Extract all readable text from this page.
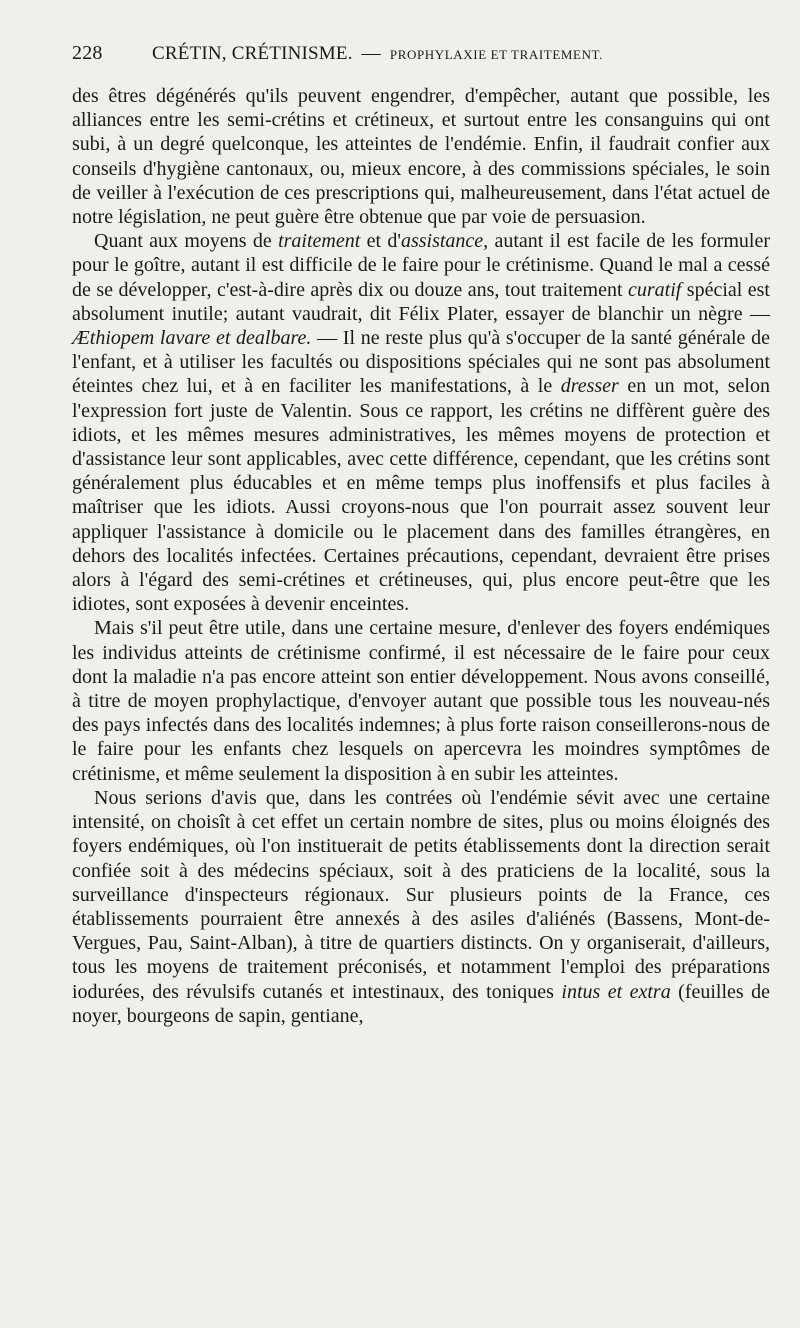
228	CRÉTIN, CRÉTINISME. — PROPHYLAXIE ET TRAITEMENT.

des êtres dégénérés qu'ils peuvent engendrer, d'empêcher, autant que possible, les alliances entre les semi-crétins et crétineux, et surtout entre les consanguins qui ont subi, à un degré quelconque, les atteintes de l'endémie. Enfin, il faudrait confier aux conseils d'hygiène cantonaux, ou, mieux encore, à des commissions spéciales, le soin de veiller à l'exécution de ces prescriptions qui, malheureusement, dans l'état actuel de notre législation, ne peut guère être obtenue que par voie de persuasion.

Quant aux moyens de traitement et d'assistance, autant il est facile de les formuler pour le goître, autant il est difficile de le faire pour le crétinisme. Quand le mal a cessé de se développer, c'est-à-dire après dix ou douze ans, tout traitement curatif spécial est absolument inutile; autant vaudrait, dit Félix Plater, essayer de blanchir un nègre — Æthiopem lavare et dealbare. — Il ne reste plus qu'à s'occuper de la santé générale de l'enfant, et à utiliser les facultés ou dispositions spéciales qui ne sont pas absolument éteintes chez lui, et à en faciliter les manifestations, à le dresser en un mot, selon l'expression fort juste de Valentin. Sous ce rapport, les crétins ne diffèrent guère des idiots, et les mêmes mesures administratives, les mêmes moyens de protection et d'assistance leur sont applicables, avec cette différence, cependant, que les crétins sont généralement plus éducables et en même temps plus inoffensifs et plus faciles à maîtriser que les idiots. Aussi croyons-nous que l'on pourrait assez souvent leur appliquer l'assistance à domicile ou le placement dans des familles étrangères, en dehors des localités infectées. Certaines précautions, cependant, devraient être prises alors à l'égard des semi-crétines et crétineuses, qui, plus encore peut-être que les idiotes, sont exposées à devenir enceintes.

Mais s'il peut être utile, dans une certaine mesure, d'enlever des foyers endémiques les individus atteints de crétinisme confirmé, il est nécessaire de le faire pour ceux dont la maladie n'a pas encore atteint son entier développement. Nous avons conseillé, à titre de moyen prophylactique, d'envoyer autant que possible tous les nouveau-nés des pays infectés dans des localités indemnes; à plus forte raison conseillerons-nous de le faire pour les enfants chez lesquels on apercevra les moindres symptômes de crétinisme, et même seulement la disposition à en subir les atteintes.

Nous serions d'avis que, dans les contrées où l'endémie sévit avec une certaine intensité, on choisît à cet effet un certain nombre de sites, plus ou moins éloignés des foyers endémiques, où l'on instituerait de petits établissements dont la direction serait confiée soit à des médecins spéciaux, soit à des praticiens de la localité, sous la surveillance d'inspecteurs régionaux. Sur plusieurs points de la France, ces établissements pourraient être annexés à des asiles d'aliénés (Bassens, Mont-de-Vergues, Pau, Saint-Alban), à titre de quartiers distincts. On y organiserait, d'ailleurs, tous les moyens de traitement préconisés, et notamment l'emploi des préparations iodurées, des révulsifs cutanés et intestinaux, des toniques intus et extra (feuilles de noyer, bourgeons de sapin, gentiane,
